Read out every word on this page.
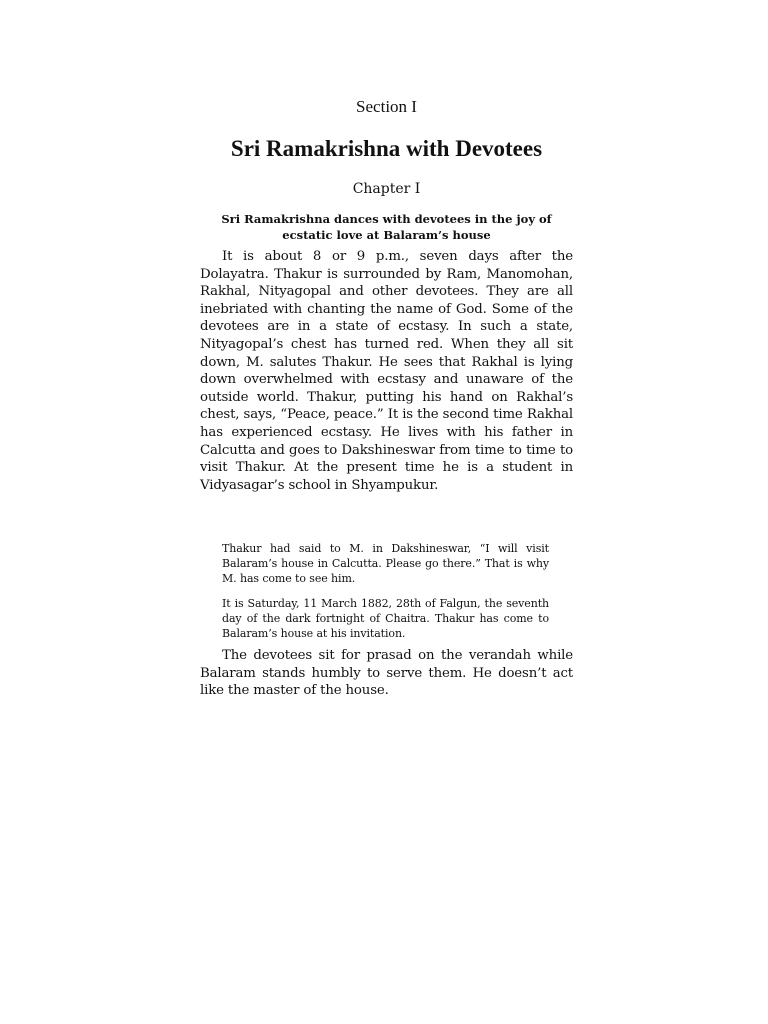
Section I
Sri Ramakrishna with Devotees
Chapter I
Sri Ramakrishna dances with devotees in the joy of ecstatic love at Balaram’s house

It is about 8 or 9 p.m., seven days after the Dolayatra. Thakur is surrounded by Ram, Manomohan, Rakhal, Nityagopal and other devotees. They are all inebriated with chanting the name of God. Some of the devotees are in a state of ecstasy. In such a state, Nityagopal’s chest has turned red. When they all sit down, M. salutes Thakur. He sees that Rakhal is lying down overwhelmed with ecstasy and unaware of the outside world. Thakur, putting his hand on Rakhal’s chest, says, “Peace, peace.” It is the second time Rakhal has experienced ecstasy. He lives with his father in Calcutta and goes to Dakshineswar from time to time to visit Thakur. At the present time he is a student in Vidyasagar’s school in Shyampukur.

Thakur had said to M. in Dakshineswar, “I will visit Balaram’s house in Calcutta. Please go there.” That is why M. has come to see him.

It is Saturday, 11 March 1882, 28th of Falgun, the seventh day of the dark fortnight of Chaitra. Thakur has come to Balaram’s house at his invitation.

The devotees sit for prasad on the verandah while Balaram stands humbly to serve them. He doesn’t act like the master of the house.
